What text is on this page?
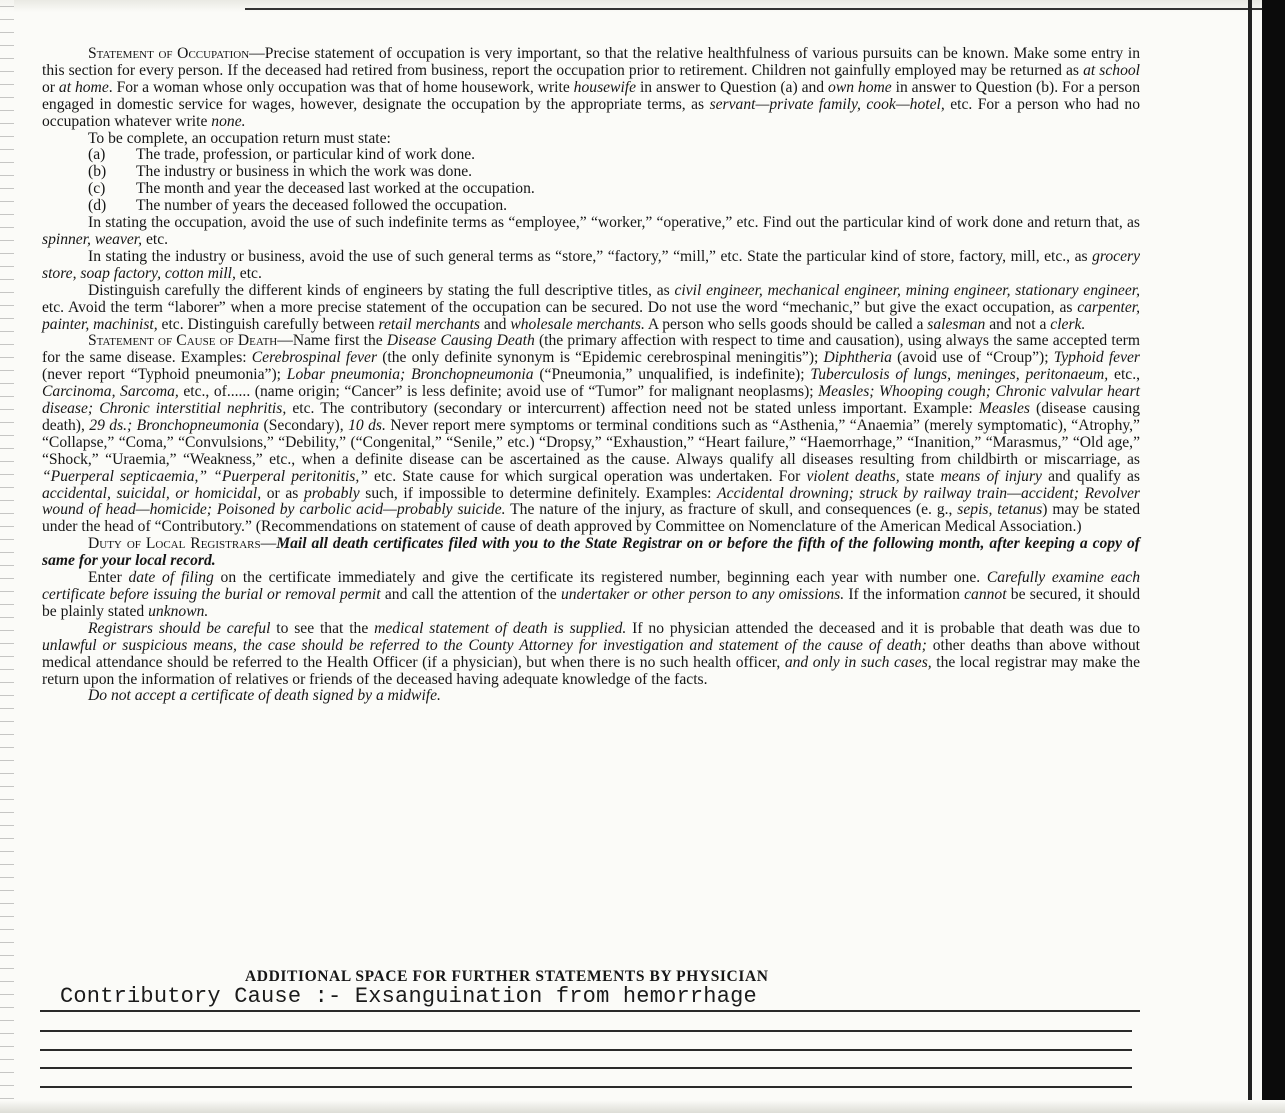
Statement of Occupation—Precise statement of occupation is very important, so that the relative healthfulness of various pursuits can be known. Make some entry in this section for every person. If the deceased had retired from business, report the occupation prior to retirement. Children not gainfully employed may be returned as at school or at home. For a woman whose only occupation was that of home housework, write housewife in answer to Question (a) and own home in answer to Question (b). For a person engaged in domestic service for wages, however, designate the occupation by the appropriate terms, as servant—private family, cook—hotel, etc. For a person who had no occupation whatever write none.

To be complete, an occupation return must state:

(a) The trade, profession, or particular kind of work done.
(b) The industry or business in which the work was done.
(c) The month and year the deceased last worked at the occupation.
(d) The number of years the deceased followed the occupation.

In stating the occupation, avoid the use of such indefinite terms as “employee,” “worker,” “operative,” etc. Find out the particular kind of work done and return that, as spinner, weaver, etc.

In stating the industry or business, avoid the use of such general terms as “store,” “factory,” “mill,” etc. State the particular kind of store, factory, mill, etc., as grocery store, soap factory, cotton mill, etc.

Distinguish carefully the different kinds of engineers by stating the full descriptive titles, as civil engineer, mechanical engineer, mining engineer, stationary engineer, etc. Avoid the term “laborer” when a more precise statement of the occupation can be secured. Do not use the word “mechanic,” but give the exact occupation, as carpenter, painter, machinist, etc. Distinguish carefully between retail merchants and wholesale merchants. A person who sells goods should be called a salesman and not a clerk.

Statement of Cause of Death—Name first the Disease Causing Death (the primary affection with respect to time and causation), using always the same accepted term for the same disease. Examples: Cerebrospinal fever (the only definite synonym is “Epidemic cerebrospinal meningitis”); Diphtheria (avoid use of “Croup”); Typhoid fever (never report “Typhoid pneumonia”); Lobar pneumonia; Bronchopneumonia (“Pneumonia,” unqualified, is indefinite); Tuberculosis of lungs, meninges, peritonaeum, etc., Carcinoma, Sarcoma, etc., of...... (name origin; “Cancer” is less definite; avoid use of “Tumor” for malignant neoplasms); Measles; Whooping cough; Chronic valvular heart disease; Chronic interstitial nephritis, etc. The contributory (secondary or intercurrent) affection need not be stated unless important. Example: Measles (disease causing death), 29 ds.; Bronchopneumonia (Secondary), 10 ds. Never report mere symptoms or terminal conditions such as “Asthenia,” “Anaemia” (merely symptomatic), “Atrophy,” “Collapse,” “Coma,” “Convulsions,” “Debility,” (“Congenital,” “Senile,” etc.) “Dropsy,” “Exhaustion,” “Heart failure,” “Haemorrhage,” “Inanition,” “Marasmus,” “Old age,” “Shock,” “Uraemia,” “Weakness,” etc., when a definite disease can be ascertained as the cause. Always qualify all diseases resulting from childbirth or miscarriage, as “Puerperal septicaemia,” “Puerperal peritonitis,” etc. State cause for which surgical operation was undertaken. For violent deaths, state means of injury and qualify as accidental, suicidal, or homicidal, or as probably such, if impossible to determine definitely. Examples: Accidental drowning; struck by railway train—accident; Revolver wound of head—homicide; Poisoned by carbolic acid—probably suicide. The nature of the injury, as fracture of skull, and consequences (e. g., sepis, tetanus) may be stated under the head of “Contributory.” (Recommendations on statement of cause of death approved by Committee on Nomenclature of the American Medical Association.)

Duty of Local Registrars—Mail all death certificates filed with you to the State Registrar on or before the fifth of the following month, after keeping a copy of same for your local record.

Enter date of filing on the certificate immediately and give the certificate its registered number, beginning each year with number one. Carefully examine each certificate before issuing the burial or removal permit and call the attention of the undertaker or other person to any omissions. If the information cannot be secured, it should be plainly stated unknown.

Registrars should be careful to see that the medical statement of death is supplied. If no physician attended the deceased and it is probable that death was due to unlawful or suspicious means, the case should be referred to the County Attorney for investigation and statement of the cause of death; other deaths than above without medical attendance should be referred to the Health Officer (if a physician), but when there is no such health officer, and only in such cases, the local registrar may make the return upon the information of relatives or friends of the deceased having adequate knowledge of the facts.

Do not accept a certificate of death signed by a midwife.

ADDITIONAL SPACE FOR FURTHER STATEMENTS BY PHYSICIAN
Contributory Cause :- Exsanguination from hemorrhage
